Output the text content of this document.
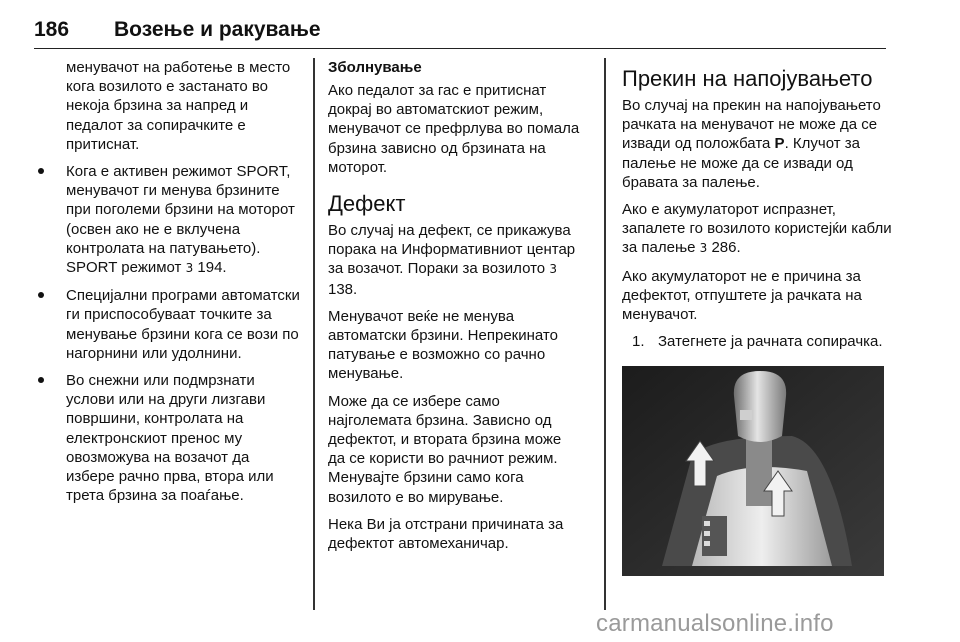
186 Возење и ракување

менувачот на работење в место кога возилото е застанато во некоја брзина за напред и педалот за сопирачките е притиснат.

Кога е активен режимот SPORT, менувачот ги менува брзините при поголеми брзини на моторот (освен ако не е вклучена контролата на патувањето). SPORT режимот 3 194.
Специјални програми автоматски ги приспособуваат точките за менување брзини кога се вози по нагорнини или удолнини.
Во снежни или подмрзнати услови или на други лизгави површини, контролата на електронскиот пренос му овозможува на возачот да избере рачно прва, втора или трета брзина за поаѓање.
Зболнување

Ако педалот за гас е притиснат докрај во автоматскиот режим, менувачот се префрлува во помала брзина зависно од брзината на моторот.

Дефект

Во случај на дефект, се прикажува порака на Информативниот центар за возачот. Пораки за возилото 3 138.

Менувачот веќе не менува автоматски брзини. Непрекинато патување е возможно со рачно менување.

Може да се избере само најголемата брзина. Зависно од дефектот, и втората брзина може да се користи во рачниот режим. Менувајте брзини само кога возилото е во мирување.

Нека Ви ја отстрани причината за дефектот автомеханичар.

Прекин на напојувањето

Во случај на прекин на напојувањето рачката на менувачот не може да се извади од положбата P. Клучот за палење не може да се извади од бравата за палење.

Ако е акумулаторот испразнет, запалете го возилото користејќи кабли за палење 3 286.

Ако акумулаторот не е причина за дефектот, отпуштете ја рачката на менувачот.

1. Затегнете ја рачната сопирачка.
carmanualsonline.info
